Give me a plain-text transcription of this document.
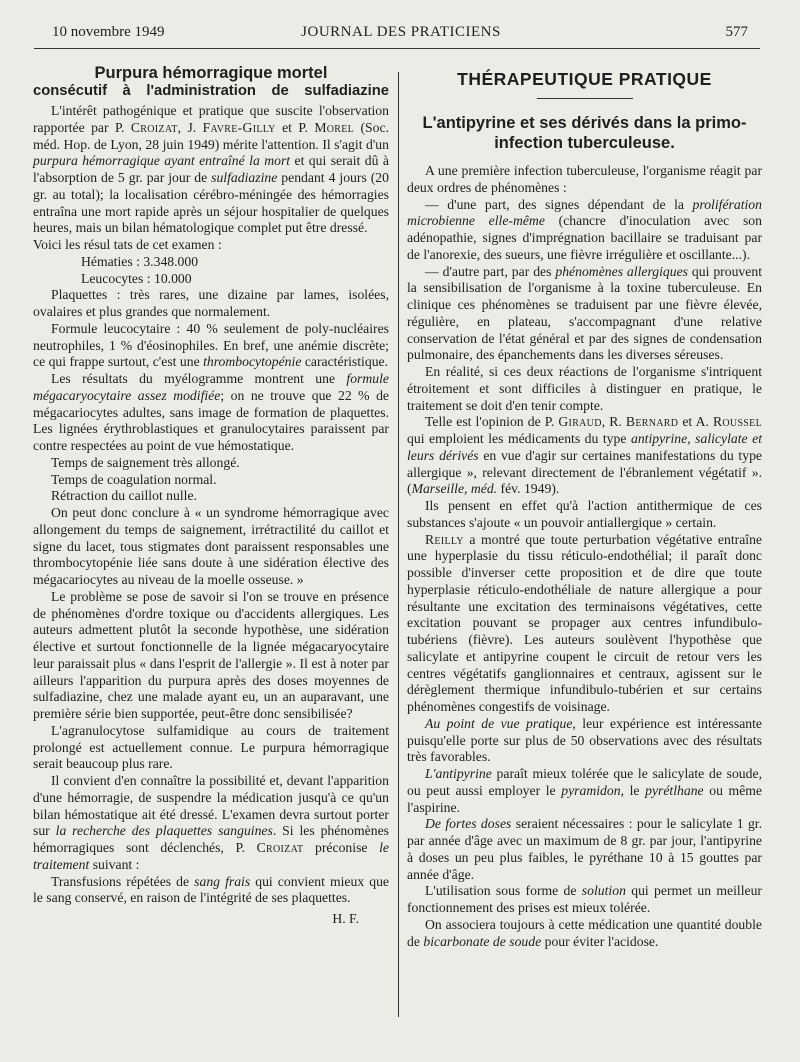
10 novembre 1949	JOURNAL DES PRATICIENS	577
Purpura hémorragique mortel
consécutif à l'administration de sulfadiazine

L'intérêt pathogénique et pratique que suscite l'observation rapportée par P. Croizat, J. Favre-Gilly et P. Morel (Soc. méd. Hop. de Lyon, 28 juin 1949) mérite l'attention. Il s'agit d'un purpura hémorragique ayant entraîné la mort et qui serait dû à l'absorption de 5 gr. par jour de sulfadiazine pendant 4 jours (20 gr. au total); la localisation cérébro-méningée des hémorragies entraîna une mort rapide après un séjour hospitalier de quelques heures, mais un bilan hématologique complet put être dressé.

Voici les résul tats de cet examen :

Hématies : 3.348.000

Leucocytes : 10.000

Plaquettes : très rares, une dizaine par lames, isolées, ovalaires et plus grandes que normalement.

Formule leucocytaire : 40 % seulement de poly-nucléaires neutrophiles, 1 % d'éosinophiles. En bref, une anémie discrète; ce qui frappe surtout, c'est une thrombocytopénie caractéristique.

Les résultats du myélogramme montrent une formule mégacaryocytaire assez modifiée; on ne trouve que 22 % de mégacariocytes adultes, sans image de formation de plaquettes. Les lignées érythroblastiques et granulocytaires paraissent par contre respectées au point de vue hémostatique.

Temps de saignement très allongé.

Temps de coagulation normal.

Rétraction du caillot nulle.

On peut donc conclure à « un syndrome hémorragique avec allongement du temps de saignement, irrétractilité du caillot et signe du lacet, tous stigmates dont paraissent responsables une thrombocytopénie liée sans doute à une sidération élective des mégacariocytes au niveau de la moelle osseuse. »

Le problème se pose de savoir si l'on se trouve en présence de phénomènes d'ordre toxique ou d'accidents allergiques. Les auteurs admettent plutôt la seconde hypothèse, une sidération élective et surtout fonctionnelle de la lignée mégacaryocytaire leur paraissait plus « dans l'esprit de l'allergie ». Il est à noter par ailleurs l'apparition du purpura après des doses moyennes de sulfadiazine, chez une malade ayant eu, un an auparavant, une première série bien supportée, peut-être donc sensibilisée?

L'agranulocytose sulfamidique au cours de traitement prolongé est actuellement connue. Le purpura hémorragique serait beaucoup plus rare.

Il convient d'en connaître la possibilité et, devant l'apparition d'une hémorragie, de suspendre la médication jusqu'à ce qu'un bilan hémostatique ait été dressé. L'examen devra surtout porter sur la recherche des plaquettes sanguines. Si les phénomènes hémorragiques sont déclenchés, P. Croizat préconise le traitement suivant :

Transfusions répétées de sang frais qui convient mieux que le sang conservé, en raison de l'intégrité de ses plaquettes.

H. F.

THÉRAPEUTIQUE PRATIQUE
L'antipyrine et ses dérivés dans la primo-infection tuberculeuse.

A une première infection tuberculeuse, l'organisme réagit par deux ordres de phénomènes :

— d'une part, des signes dépendant de la prolifération microbienne elle-même (chancre d'inoculation avec son adénopathie, signes d'imprégnation bacillaire se traduisant par de l'anorexie, des sueurs, une fièvre irrégulière et oscillante...).

— d'autre part, par des phénomènes allergiques qui prouvent la sensibilisation de l'organisme à la toxine tuberculeuse. En clinique ces phénomènes se traduisent par une fièvre élevée, régulière, en plateau, s'accompagnant d'une relative conservation de l'état général et par des signes de condensation pulmonaire, des épanchements dans les diverses séreuses.

En réalité, si ces deux réactions de l'organisme s'intriquent étroitement et sont difficiles à distinguer en pratique, le traitement se doit d'en tenir compte.

Telle est l'opinion de P. Giraud, R. Bernard et A. Roussel qui emploient les médicaments du type antipyrine, salicylate et leurs dérivés en vue d'agir sur certaines manifestations du type allergique », relevant directement de l'ébranlement végétatif ». (Marseille, méd. fév. 1949).

Ils pensent en effet qu'à l'action antithermique de ces substances s'ajoute « un pouvoir antiallergique » certain.

Reilly a montré que toute perturbation végétative entraîne une hyperplasie du tissu réticulo-endothélial; il paraît donc possible d'inverser cette proposition et de dire que toute hyperplasie réticulo-endothéliale de nature allergique a pour résultante une excitation des terminaisons végétatives, cette excitation pouvant se propager aux centres infundibulo-tubériens (fièvre). Les auteurs soulèvent l'hypothèse que salicylate et antipyrine coupent le circuit de retour vers les centres végétatifs ganglionnaires et centraux, agissent sur le dérèglement thermique infundibulo-tubérien et sur certains phénomènes congestifs de voisinage.

Au point de vue pratique, leur expérience est intéressante puisqu'elle porte sur plus de 50 observations avec des résultats très favorables.

L'antipyrine paraît mieux tolérée que le salicylate de soude, ou peut aussi employer le pyramidon, le pyrétlhane ou même l'aspirine.

De fortes doses seraient nécessaires : pour le salicylate 1 gr. par année d'âge avec un maximum de 8 gr. par jour, l'antipyrine à doses un peu plus faibles, le pyréthane 10 à 15 gouttes par année d'âge.

L'utilisation sous forme de solution qui permet un meilleur fonctionnement des prises est mieux tolérée.

On associera toujours à cette médication une quantité double de bicarbonate de soude pour éviter l'acidose.
